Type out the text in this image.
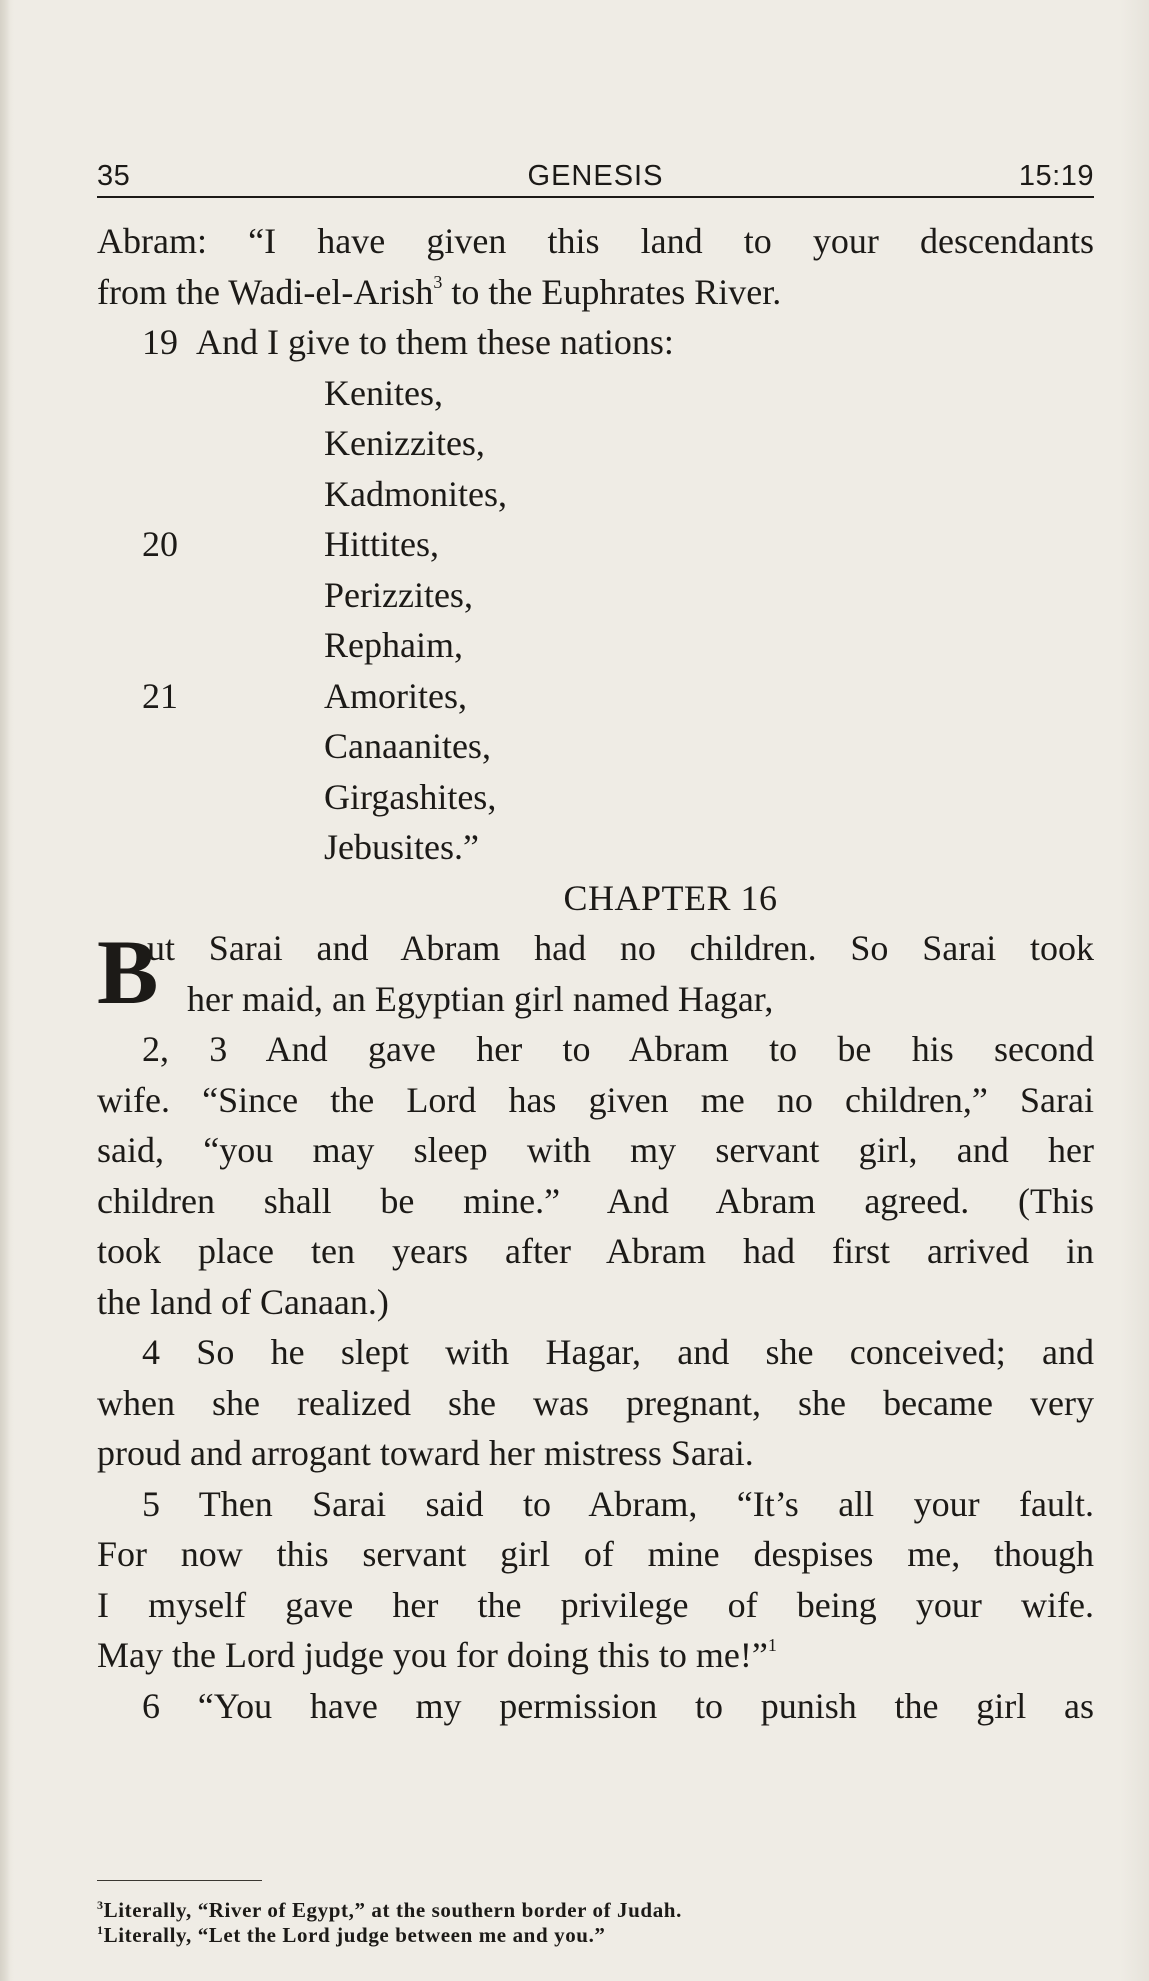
35	GENESIS	15:19
Abram: “I have given this land to your descendants
from the Wadi-el-Arish$^3$ to the Euphrates River.
19 And I give to them these nations:
Kenites,
Kenizzites,
Kadmonites,
20	Hittites,
Perizzites,
Rephaim,
21	Amorites,
Canaanites,
Girgashites,
Jebusites.”
CHAPTER 16
B
ut Sarai and Abram had no children. So Sarai took
her maid, an Egyptian girl named Hagar,
2, 3 And gave her to Abram to be his second
wife. “Since the Lord has given me no children,” Sarai
said, “you may sleep with my servant girl, and her
children shall be mine.” And Abram agreed. (This
took place ten years after Abram had first arrived in
the land of Canaan.)
4 So he slept with Hagar, and she conceived; and
when she realized she was pregnant, she became very
proud and arrogant toward her mistress Sarai.
5 Then Sarai said to Abram, “It’s all your fault.
For now this servant girl of mine despises me, though
I myself gave her the privilege of being your wife.
May the Lord judge you for doing this to me!”$^1$
6 “You have my permission to punish the girl as
$^3$Literally, “River of Egypt,” at the southern border of Judah.
$^1$Literally, “Let the Lord judge between me and you.”
